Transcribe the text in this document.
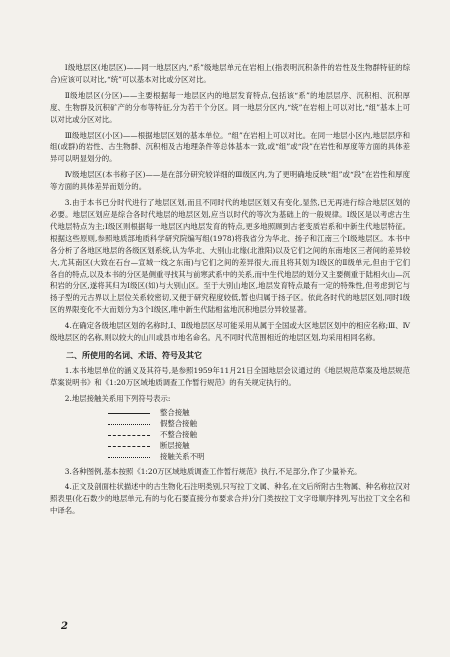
Ⅰ级地层区(地层区)——同一地层区内,“系”级地层单元在岩相上(指表明沉积条件的岩性及生物群特征的综合)应该可以对比,“统”可以基本对比或分区对比。

Ⅱ级地层区(分区)——主要根据每一地层区内的地层发育特点,包括该“系”的地层层序、沉积相、沉积厚度、生物群及沉积矿产的分布等特征,分为若干个分区。同一地层分区内,“统”在岩相上可以对比,“组”基本上可以对比或分区对比。

Ⅲ级地层区(小区)——根据地层区划的基本单位。“组”在岩相上可以对比。在同一地层小区内,地层层序和组(或群)的岩性、古生物群、沉积相及古地理条件等总体基本一致,或“组”或“段”在岩性和厚度等方面的具体差异可以明显划分的。

Ⅳ级地层区(本书称子区)——是在部分研究较详细的Ⅲ级区内,为了更明确地反映“组”或“段”在岩性和厚度等方面的具体差异而划分的。

3.由于本书已分时代进行了地层区划,而且不同时代的地层区划又有变化,显然,已无再进行综合地层区划的必要。地层区划应是综合各时代地层的地层区划,应当以时代的等次为基础上的一般规律。Ⅰ级区是以考虑古生代地层特点为主;Ⅰ级区则根据每一地层区内地层发育的特点,更多地照顾到古老变质岩系和中新生代地层特征。根据这些原则,参照地质部地质科学研究院编写组(1978)将我省分为华北、扬子和江南三个Ⅰ级地层区。本书中各分析了各地区地层的各级区划系统,认为华北、大别山北缘(北淮阳)以及它们之间的东南地区三者间的差异较大,尤其南区(大致在石台—宣城一线之东南)与它们之间的差异很大,而且将其划为Ⅰ级区的Ⅱ级单元,但由于它们各自的特点,以及本书的分区是侧重寻找其与前寒武系中的关系,而中生代地层的划分又主要侧重于陆相火山—沉积岩的分区,遂将其归为Ⅰ级区(如)与大别山区。至于大别山地区,地层发育特点最有一定的特殊性,但考虑到它与扬子型的元古界以上层位关系较密切,又便于研究程度较低,暂也归属于扬子区。依此各时代的地层区划,同时Ⅰ级区的界限变化不大而划分为3个Ⅰ级区,唯中新生代陆相盆地沉积地层分异较显著。

4.在确定各级地层区划的名称时,Ⅰ、Ⅱ级地层区尽可能采用从属于全国或大区地层区划中的相应名称;Ⅲ、Ⅳ级地层区的名称,则以较大的山川或县市地名命名。凡不同时代范围相近的地层区划,均采用相同名称。

二、所使用的名词、术语、符号及其它

1.本书地层单位的涵义及其符号,是参照1959年11月21日全国地层会议通过的《地层规范草案及地层规范草案说明书》和《1:20万区域地质调查工作暂行规范》的有关规定执行的。

2.地层接触关系用下列符号表示:

整合接触
假整合接触
不整合接触
断层接触
接触关系不明

3.各种图例,基本按照《1:20万区域地质调查工作暂行规范》执行,不足部分,作了少量补充。

4.正文及剖面柱状描述中的古生物化石注明类别,只写拉丁文属、种名,在文后所附古生物属、种名称拉汉对照表里(化石数少的地层单元,有的与化石要直接分布要求合并)分门类按拉丁文字母顺序排列,写出拉丁文全名和中译名。

2
